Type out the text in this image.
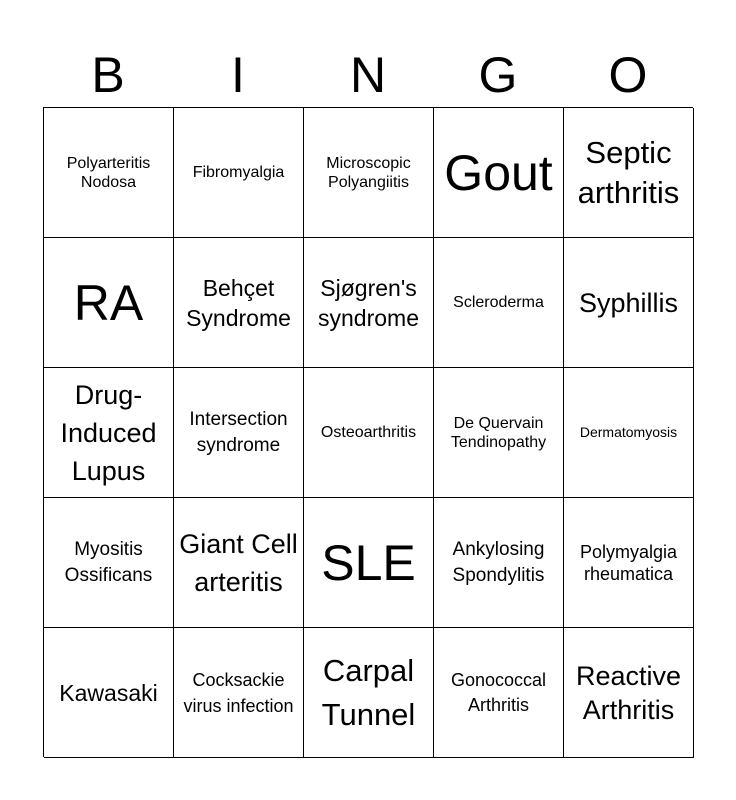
B	I	N	G	O
Polyarteritis Nodosa
Fibromyalgia
Microscopic Polyangiitis Gout	Septic arthritis
RA	Behçet Syndrome
Sjøgren's syndrome
Scleroderma Syphillis
Drug-Induced Lupus
Intersection syndrome
Osteoarthritis
De Quervain Tendinopathy
Dermatomyosis
Myositis Ossificans
Giant Cell arteritis SLE	Ankylosing Spondylitis
Polymyalgia rheumatica
Kawasaki	Cocksackie virus infection
Carpal Tunnel
Gonococcal Arthritis
Reactive Arthritis
